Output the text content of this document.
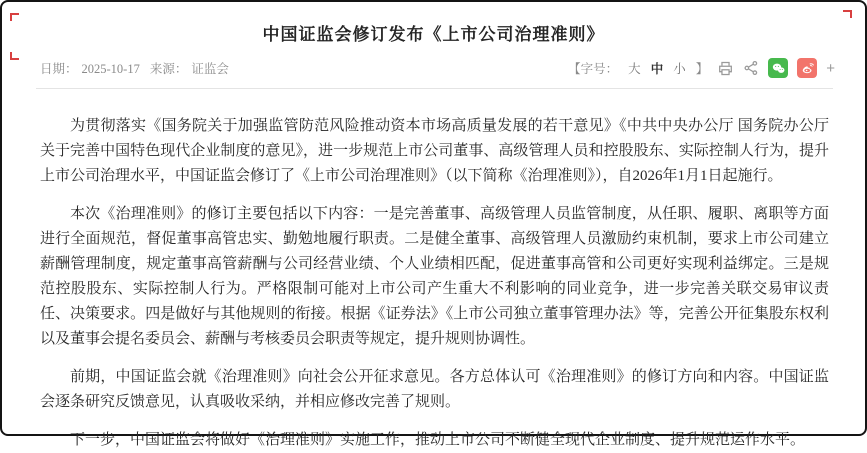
中国证监会修订发布《上市公司治理准则》
日期： 2025-10-17 来源： 证监会	【字号： 大 中 小 】	+

为贯彻落实《国务院关于加强监管防范风险推动资本市场高质量发展的若干意见》《中共中央办公厅 国务院办公厅关于完善中国特色现代企业制度的意见》，进一步规范上市公司董事、高级管理人员和控股股东、实际控制人行为，提升上市公司治理水平，中国证监会修订了《上市公司治理准则》（以下简称《治理准则》），自2026年1月1日起施行。

本次《治理准则》的修订主要包括以下内容：一是完善董事、高级管理人员监管制度，从任职、履职、离职等方面进行全面规范，督促董事高管忠实、勤勉地履行职责。二是健全董事、高级管理人员激励约束机制，要求上市公司建立薪酬管理制度，规定董事高管薪酬与公司经营业绩、个人业绩相匹配，促进董事高管和公司更好实现利益绑定。三是规范控股股东、实际控制人行为。严格限制可能对上市公司产生重大不利影响的同业竞争，进一步完善关联交易审议责任、决策要求。四是做好与其他规则的衔接。根据《证券法》《上市公司独立董事管理办法》等，完善公开征集股东权利以及董事会提名委员会、薪酬与考核委员会职责等规定，提升规则协调性。

前期，中国证监会就《治理准则》向社会公开征求意见。各方总体认可《治理准则》的修订方向和内容。中国证监会逐条研究反馈意见，认真吸收采纳，并相应修改完善了规则。

下一步，中国证监会将做好《治理准则》实施工作，推动上市公司不断健全现代企业制度、提升规范运作水平。
